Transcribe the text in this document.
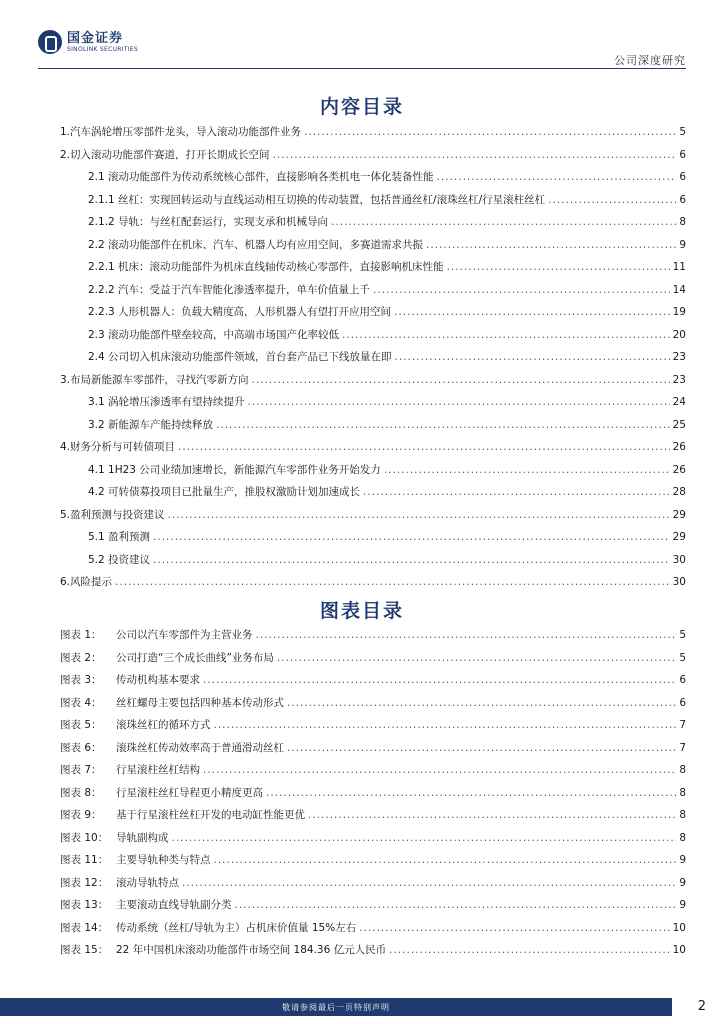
国金证券
SINOLINK SECURITIES
公司深度研究
内容目录
1.汽车涡轮增压零部件龙头，导入滚动功能部件业务 .....	5
2.切入滚动功能部件赛道，打开长期成长空间 .....	6
2.1 滚动功能部件为传动系统核心部件，直接影响各类机电一体化装备性能 .....	6
2.1.1 丝杠：实现回转运动与直线运动相互切换的传动装置，包括普通丝杠/滚珠丝杠/行星滚柱丝杠 .....	6
2.1.2 导轨：与丝杠配套运行，实现支承和机械导向 .....	8
2.2 滚动功能部件在机床、汽车、机器人均有应用空间，多赛道需求共振 .....	9
2.2.1 机床：滚动功能部件为机床直线轴传动核心零部件，直接影响机床性能 .....	11
2.2.2 汽车：受益于汽车智能化渗透率提升，单车价值量上千 .....	14
2.2.3 人形机器人：负载大精度高，人形机器人有望打开应用空间 .....	19
2.3 滚动功能部件壁垒较高，中高端市场国产化率较低 .....	20
2.4 公司切入机床滚动功能部件领域，首台套产品已下线放量在即 .....	23
3.布局新能源车零部件，寻找汽零新方向 .....	23
3.1 涡轮增压渗透率有望持续提升 .....	24
3.2 新能源车产能持续释放 .....	25
4.财务分析与可转债项目 .....	26
4.1 1H23 公司业绩加速增长，新能源汽车零部件业务开始发力 .....	26
4.2 可转债募投项目已批量生产，推股权激励计划加速成长 .....	28
5.盈利预测与投资建议 .....	29
5.1 盈利预测 .....	29
5.2 投资建议 .....	30
6.风险提示 .....	30
图表目录
图表 1：	公司以汽车零部件为主营业务 .....	5
图表 2：	公司打造“三个成长曲线”业务布局 .....	5
图表 3：	传动机构基本要求 .....	6
图表 4：	丝杠螺母主要包括四种基本传动形式 .....	6
图表 5：	滚珠丝杠的循环方式 .....	7
图表 6：	滚珠丝杠传动效率高于普通滑动丝杠 .....	7
图表 7：	行星滚柱丝杠结构 .....	8
图表 8：	行星滚柱丝杠导程更小精度更高 .....	8
图表 9：	基于行星滚柱丝杠开发的电动缸性能更优 .....	8
图表 10： 导轨副构成 .....	8
图表 11： 主要导轨种类与特点 .....	9
图表 12： 滚动导轨特点 .....	9
图表 13： 主要滚动直线导轨副分类 .....	9
图表 14： 传动系统（丝杠/导轨为主）占机床价值量 15%左右 .....	10
图表 15： 22 年中国机床滚动功能部件市场空间 184.36 亿元人民币 .....	10
敬请参阅最后一页特别声明	2
